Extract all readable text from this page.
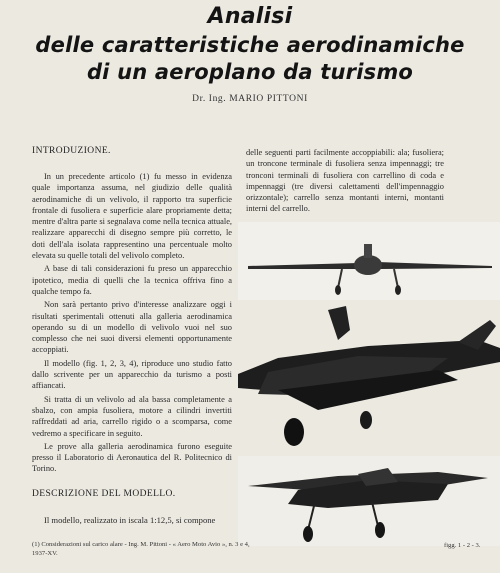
Analisi
delle caratteristiche aerodinamiche
di un aeroplano da turismo
Dr. Ing. MARIO PITTONI
INTRODUZIONE.

In un precedente articolo (1) fu messo in evidenza quale importanza assuma, nel giudizio delle qualità aerodinamiche di un velivolo, il rapporto tra superficie frontale di fusoliera e superficie alare propriamente detta; mentre d'altra parte si segnalava come nella tecnica attuale, realizzare apparecchi di disegno sempre più corretto, le doti dell'ala isolata rappresentino una percentuale molto elevata su quelle totali del velivolo completo.

A base di tali considerazioni fu preso un apparecchio ipotetico, media di quelli che la tecnica offriva fino a qualche tempo fa.

Non sarà pertanto privo d'interesse analizzare oggi i risultati sperimentali ottenuti alla galleria aerodinamica operando su di un modello di velivolo vuoi nel suo complesso che nei suoi diversi elementi opportunamente accoppiati.

Il modello (fig. 1, 2, 3, 4), riproduce uno studio fatto dallo scrivente per un apparecchio da turismo a posti affiancati.

Si tratta di un velivolo ad ala bassa completamente a sbalzo, con ampia fusoliera, motore a cilindri invertiti raffreddati ad aria, carrello rigido o a scomparsa, come vedremo a specificare in seguito.

Le prove alla galleria aerodinamica furono eseguite presso il Laboratorio di Aeronautica del R. Politecnico di Torino.

DESCRIZIONE DEL MODELLO.
Il modello, realizzato in iscala 1:12,5, si compone

delle seguenti parti facilmente accoppiabili: ala; fusoliera; un troncone terminale di fusoliera senza impennaggi; tre tronconi terminali di fusoliera con carrellino di coda e impennaggi (tre diversi calettamenti dell'impennaggio orizzontale); carrello senza montanti interni, montanti interni del carrello.

(1) Considerazioni sul carico alare - Ing. M. Pittoni - « Aero Moto Avio », n. 3 e 4, 1937-XV.
figg. 1 - 2 - 3.
